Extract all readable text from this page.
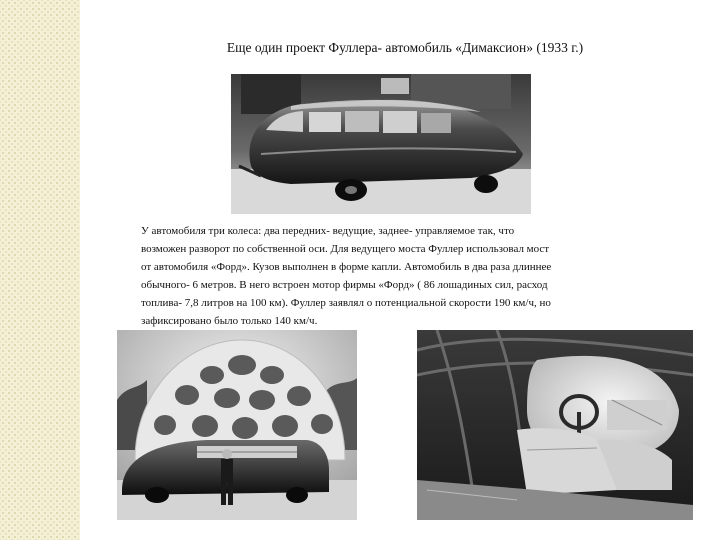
Еще один проект Фуллера- автомобиль «Димаксион» (1933 г.)

У автомобиля три колеса: два передних- ведущие, заднее- управляемое так, что
возможен разворот по собственной оси. Для ведущего моста Фуллер использовал мост
от автомобиля «Форд». Кузов выполнен в форме капли. Автомобиль в два раза длиннее
обычного- 6 метров. В него встроен мотор фирмы «Форд» ( 86 лошадиных сил, расход
топлива- 7,8 литров на 100 км). Фуллер заявлял о потенциальной скорости 190 км/ч, но
зафиксировано было только 140 км/ч.
